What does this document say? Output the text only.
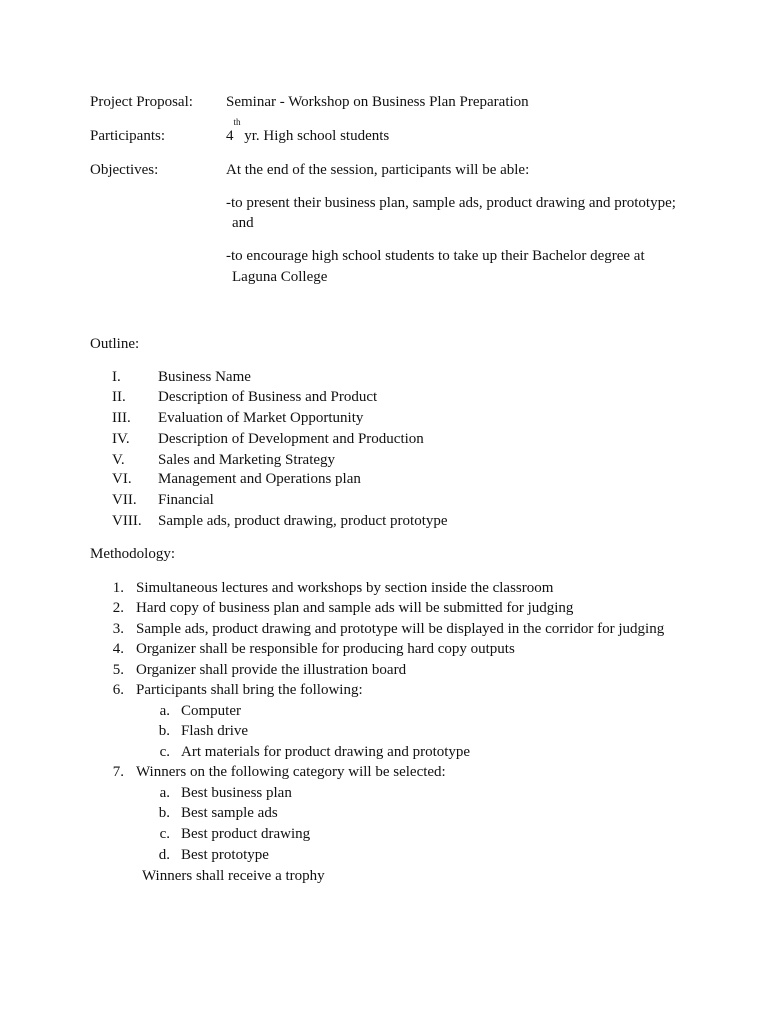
Project Proposal: Seminar - Workshop on Business Plan Preparation
Participants:	4th yr. High school students
Objectives:	At the end of the session, participants will be able:
-to present their business plan, sample ads, product drawing and prototype;
and
-to encourage high school students to take up their Bachelor degree at
Laguna College
Outline:
I. Business Name
II. Description of Business and Product
III. Evaluation of Market Opportunity
IV. Description of Development and Production
V. Sales and Marketing Strategy
VI. Management and Operations plan
VII. Financial
VIII. Sample ads, product drawing, product prototype
Methodology:
1. Simultaneous lectures and workshops by section inside the classroom
2. Hard copy of business plan and sample ads will be submitted for judging
3. Sample ads, product drawing and prototype will be displayed in the corridor for judging
4. Organizer shall be responsible for producing hard copy outputs
5. Organizer shall provide the illustration board
6. Participants shall bring the following:
a. Computer
b. Flash drive
c. Art materials for product drawing and prototype
7. Winners on the following category will be selected:
a. Best business plan
b. Best sample ads
c. Best product drawing
d. Best prototype
Winners shall receive a trophy
